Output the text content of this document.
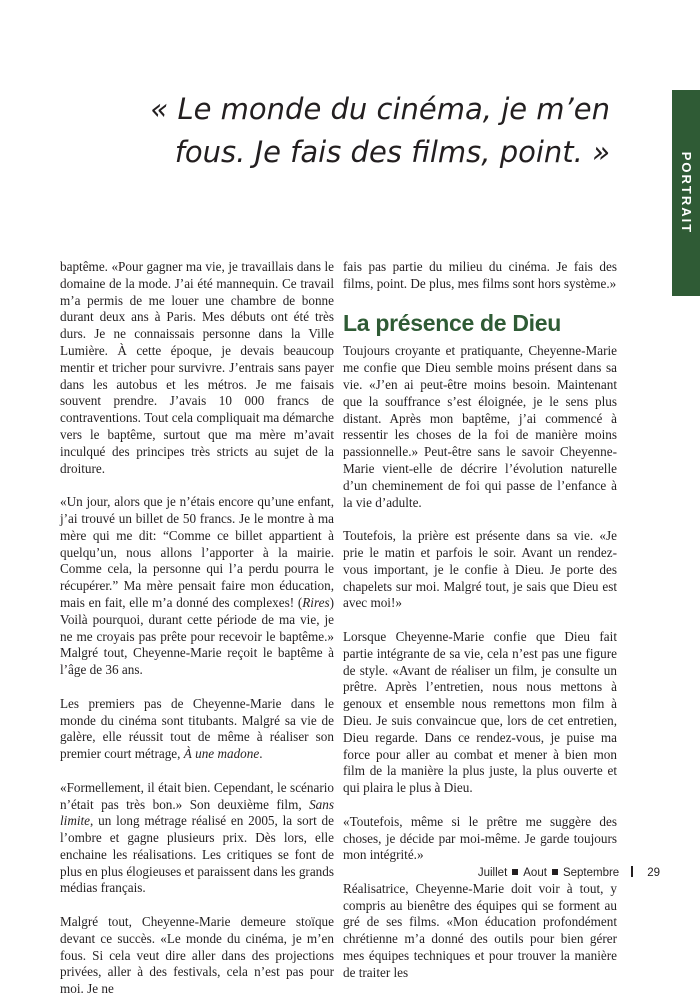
« Le monde du cinéma, je m’en fous. Je fais des films, point. »	PORTRAIT

baptême. «Pour gagner ma vie, je travaillais dans le domaine de la mode. J’ai été mannequin. Ce travail m’a permis de me louer une chambre de bonne durant deux ans à Paris. Mes débuts ont été très durs. Je ne connaissais personne dans la Ville Lumière. À cette époque, je devais beaucoup mentir et tricher pour survivre. J’entrais sans payer dans les autobus et les métros. Je me faisais souvent prendre. J’avais 10 000 francs de contraventions. Tout cela compliquait ma démarche vers le baptême, surtout que ma mère m’avait inculqué des principes très stricts au sujet de la droiture.

«Un jour, alors que je n’étais encore qu’une enfant, j’ai trouvé un billet de 50 francs. Je le montre à ma mère qui me dit: “Comme ce billet appartient à quelqu’un, nous allons l’apporter à la mairie. Comme cela, la personne qui l’a perdu pourra le récupérer.” Ma mère pensait faire mon éducation, mais en fait, elle m’a donné des complexes! (Rires) Voilà pourquoi, durant cette période de ma vie, je ne me croyais pas prête pour recevoir le baptême.» Malgré tout, Cheyenne-Marie reçoit le baptême à l’âge de 36 ans.

Les premiers pas de Cheyenne-Marie dans le monde du cinéma sont titubants. Malgré sa vie de galère, elle réussit tout de même à réaliser son premier court métrage, À une madone.

«Formellement, il était bien. Cependant, le scénario n’était pas très bon.» Son deuxième film, Sans limite, un long métrage réalisé en 2005, la sort de l’ombre et gagne plusieurs prix. Dès lors, elle enchaine les réalisations. Les critiques se font de plus en plus élogieuses et paraissent dans les grands médias français.

Malgré tout, Cheyenne-Marie demeure stoïque devant ce succès. «Le monde du cinéma, je m’en fous. Si cela veut dire aller dans des projections privées, aller à des festivals, cela n’est pas pour moi. Je ne

fais pas partie du milieu du cinéma. Je fais des films, point. De plus, mes films sont hors système.»

La présence de Dieu

Toujours croyante et pratiquante, Cheyenne-Marie me confie que Dieu semble moins présent dans sa vie. «J’en ai peut-être moins besoin. Maintenant que la souffrance s’est éloignée, je le sens plus distant. Après mon baptême, j’ai commencé à ressentir les choses de la foi de manière moins passionnelle.» Peut-être sans le savoir Cheyenne-Marie vient-elle de décrire l’évolution naturelle d’un cheminement de foi qui passe de l’enfance à la vie d’adulte.

Toutefois, la prière est présente dans sa vie. «Je prie le matin et parfois le soir. Avant un rendez-vous important, je le confie à Dieu. Je porte des chapelets sur moi. Malgré tout, je sais que Dieu est avec moi!»

Lorsque Cheyenne-Marie confie que Dieu fait partie intégrante de sa vie, cela n’est pas une figure de style. «Avant de réaliser un film, je consulte un prêtre. Après l’entretien, nous nous mettons à genoux et ensemble nous remettons mon film à Dieu. Je suis convaincue que, lors de cet entretien, Dieu regarde. Dans ce rendez-vous, je puise ma force pour aller au combat et mener à bien mon film de la manière la plus juste, la plus ouverte et qui plaira le plus à Dieu.

«Toutefois, même si le prêtre me suggère des choses, je décide par moi-même. Je garde toujours mon intégrité.»

Réalisatrice, Cheyenne-Marie doit voir à tout, y compris au bienêtre des équipes qui se forment au gré de ses films. «Mon éducation profondément chrétienne m’a donné des outils pour bien gérer mes équipes techniques et pour trouver la manière de traiter les

Juillet Aout Septembre 29
